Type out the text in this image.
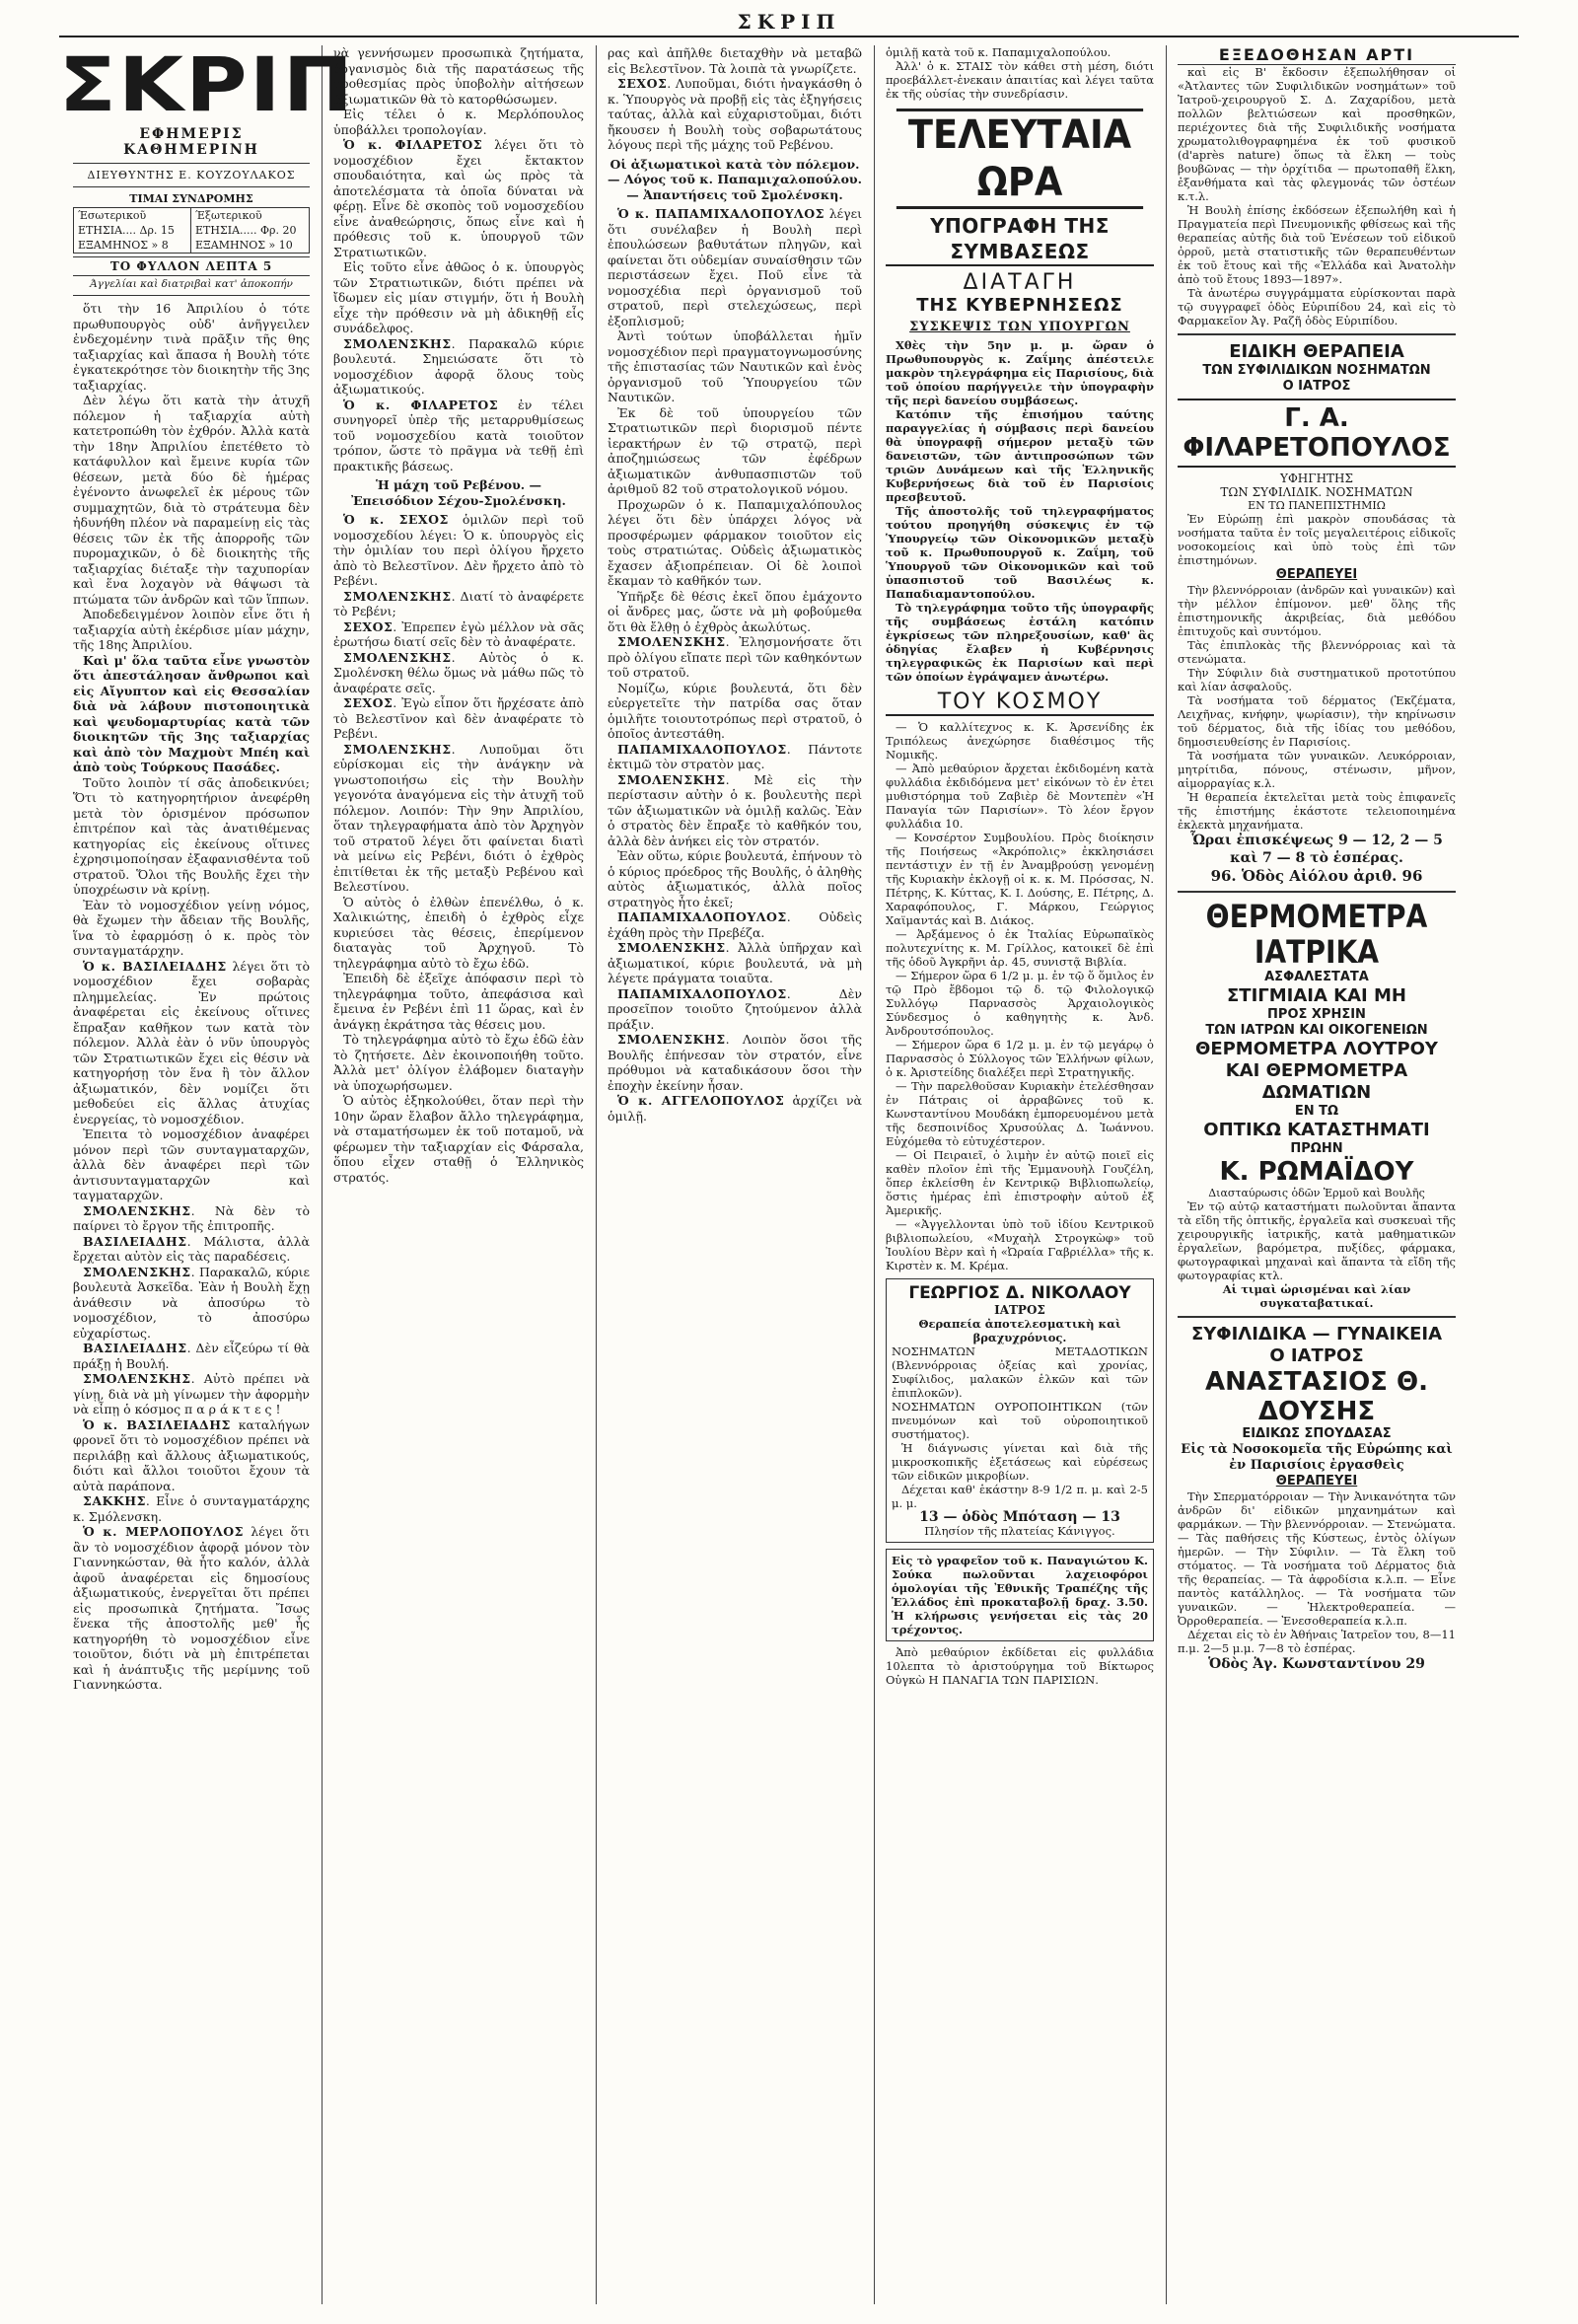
ΣΚΡΙΠ
ΣΚΡΙΠ
ΕΦΗΜΕΡΙΣ ΚΑΘΗΜΕΡΙΝΗ
ΔΙΕΥΘΥΝΤΗΣ Ε. ΚΟΥΖΟΥΛΑΚΟΣ
ΤΙΜΑΙ ΣΥΝΔΡΟΜΗΣ
Έσωτερικοῦ	Έξωτερικοῦ
ΕΤΗΣΙΑ.... Δρ. 15	ΕΤΗΣΙΑ..... Φρ. 20
ΕΞΑΜΗΝΟΣ » 8	ΕΞΑΜΗΝΟΣ » 10
ΤΟ ΦΥΛΛΟΝ ΛΕΠΤΑ 5
Άγγελίαι καὶ διατριβαὶ κατ' ἀποκοπήν

ὅτι τὴν 16 Ἀπριλίου ὁ τότε πρωθυπουργὸς οὐδ' ἀνῆγγειλεν ἐνδεχομένην τινὰ πρᾶξιν τῆς θης ταξιαρχίας καὶ ἅπασα ἡ Βουλὴ τότε ἐγκατεκρότησε τὸν διοικητὴν τῆς 3ης ταξιαρχίας.

Δὲν λέγω ὅτι κατὰ τὴν ἀτυχῆ πόλεμον ἡ ταξιαρχία αὐτὴ κατετροπώθη τὸν ἐχθρόν. Ἀλλὰ κατὰ τὴν 18ην Ἀπριλίου ἐπετέθετο τὸ κατάφυλλον καὶ ἔμεινε κυρία τῶν θέσεων, μετὰ δύο δὲ ἡμέρας ἐγένοντο ἀνωφελεῖ ἐκ μέρους τῶν συμμαχητῶν, διὰ τὸ στράτευμα δὲν ἠδυνήθη πλέον νὰ παραμείνῃ εἰς τὰς θέσεις τῶν ἐκ τῆς ἀπορροῆς τῶν πυρομαχικῶν, ὁ δὲ διοικητὴς τῆς ταξιαρχίας διέταξε τὴν ταχυπορίαν καὶ ἕνα λοχαγὸν νὰ θάψωσι τὰ πτώματα τῶν ἀνδρῶν καὶ τῶν ἵππων.

Ἀποδεδειγμένον λοιπὸν εἶνε ὅτι ἡ ταξιαρχία αὐτὴ ἐκέρδισε μίαν μάχην, τῆς 18ης Ἀπριλίου.

Καὶ μ' ὅλα ταῦτα εἶνε γνωστὸν ὅτι ἀπεστάλησαν ἄνθρωποι καὶ εἰς Αἴγυπτον καὶ εἰς Θεσσαλίαν διὰ νὰ λάβουν πιστοποιητικὰ καὶ ψευδομαρτυρίας κατὰ τῶν διοικητῶν τῆς 3ης ταξιαρχίας καὶ ἀπὸ τὸν Μαχμοὺτ Μπέη καὶ ἀπὸ τοὺς Τούρκους Πασάδες.

Τοῦτο λοιπὸν τί σᾶς ἀποδεικνύει; Ὅτι τὸ κατηγορητήριον ἀνεφέρθη μετὰ τὸν ὁρισμένον πρόσωπον ἐπιτρέπον καὶ τὰς ἀνατιθέμενας κατηγορίας εἰς ἐκείνους οἵτινες ἐχρησιμοποίησαν ἐξαφανισθέντα τοῦ στρατοῦ. Ὅλοι τῆς Βουλῆς ἔχει τὴν ὑποχρέωσιν νὰ κρίνῃ.

Ἐὰν τὸ νομοσχέδιον γείνῃ νόμος, θὰ ἔχωμεν τὴν ἄδειαν τῆς Βουλῆς, ἵνα τὸ ἐφαρμόσῃ ὁ κ. πρὸς τὸν συνταγματάρχην.

Ὁ κ. ΒΑΣΙΛΕΙΑΔΗΣ λέγει ὅτι τὸ νομοσχέδιον ἔχει σοβαρὰς πλημμελείας. Ἐν πρώτοις ἀναφέρεται εἰς ἐκείνους οἵτινες ἔπραξαν καθῆκον των κατὰ τὸν πόλεμον. Ἀλλὰ ἐὰν ὁ νῦν ὑπουργὸς τῶν Στρατιωτικῶν ἔχει εἰς θέσιν νὰ κατηγορήσῃ τὸν ἕνα ἢ τὸν ἄλλον ἀξιωματικόν, δὲν νομίζει ὅτι μεθοδεύει εἰς ἄλλας ἀτυχίας ἐνεργείας, τὸ νομοσχέδιον.

Ἐπειτα τὸ νομοσχέδιον ἀναφέρει μόνον περὶ τῶν συνταγματαρχῶν, ἀλλὰ δὲν ἀναφέρει περὶ τῶν ἀντισυνταγματαρχῶν καὶ ταγματαρχῶν.

ΣΜΟΛΕΝΣΚΗΣ. Νὰ δὲν τὸ παίρνει τὸ ἔργον τῆς ἐπιτροπῆς.

ΒΑΣΙΛΕΙΑΔΗΣ. Μάλιστα, ἀλλὰ ἔρχεται αὐτὸν εἰς τὰς παραδέσεις.

ΣΜΟΛΕΝΣΚΗΣ. Παρακαλῶ, κύριε βουλευτὰ Ἀσκεῖδα. Ἐὰν ἡ Βουλὴ ἔχῃ ἀνάθεσιν νὰ ἀποσύρω τὸ νομοσχέδιον, τὸ ἀποσύρω εὐχαρίστως.

ΒΑΣΙΛΕΙΑΔΗΣ. Δὲν εἶζεύρω τί θὰ πράξῃ ἡ Βουλή.

ΣΜΟΛΕΝΣΚΗΣ. Αὐτὸ πρέπει νὰ γίνῃ, διὰ νὰ μὴ γίνωμεν τὴν ἀφορμὴν νὰ εἶπῃ ὁ κόσμος π α ρ ά κ τ ε ς !

Ὁ κ. ΒΑΣΙΛΕΙΑΔΗΣ καταλήγων φρονεῖ ὅτι τὸ νομοσχέδιον πρέπει νὰ περιλάβῃ καὶ ἄλλους ἀξιωματικούς, διότι καὶ ἄλλοι τοιοῦτοι ἔχουν τὰ αὐτὰ παράπονα.

ΣΑΚΚΗΣ. Εἶνε ὁ συνταγματάρχης κ. Σμόλενσκη.

Ὁ κ. ΜΕΡΛΟΠΟΥΛΟΣ λέγει ὅτι ἂν τὸ νομοσχέδιον ἀφορᾷ μόνον τὸν Γιαννηκώσταν, θὰ ἦτο καλόν, ἀλλὰ ἀφοῦ ἀναφέρεται εἰς δημοσίους ἀξιωματικούς, ἐνεργεῖται ὅτι πρέπει εἰς προσωπικὰ ζητήματα. Ἴσως ἕνεκα τῆς ἀποστολῆς μεθ' ἧς κατηγορήθη τὸ νομοσχέδιον εἶνε τοιοῦτον, διότι νὰ μὴ ἐπιτρέπεται καὶ ἡ ἀνάπτυξις τῆς μερίμνης τοῦ Γιαννηκώστα.

νὰ γεννήσωμεν προσωπικὰ ζητήματα, ὀργανισμὸς διὰ τῆς παρατάσεως τῆς προθεσμίας πρὸς ὑποβολὴν αἰτήσεων ἀξιωματικῶν θὰ τὸ κατορθώσωμεν.

Εἰς τέλει ὁ κ. Μερλόπουλος ὑποβάλλει τροπολογίαν.

Ὁ κ. ΦΙΛΑΡΕΤΟΣ λέγει ὅτι τὸ νομοσχέδιον ἔχει ἔκτακτον σπουδαιότητα, καὶ ὡς πρὸς τὰ ἀποτελέσματα τὰ ὁποῖα δύναται νὰ φέρῃ. Εἶνε δὲ σκοπὸς τοῦ νομοσχεδίου εἶνε ἀναθεώρησις, ὅπως εἶνε καὶ ἡ πρόθεσις τοῦ κ. ὑπουργοῦ τῶν Στρατιωτικῶν.

Εἰς τοῦτο εἶνε ἀθῶος ὁ κ. ὑπουργὸς τῶν Στρατιωτικῶν, διότι πρέπει νὰ ἴδωμεν εἰς μίαν στιγμήν, ὅτι ἡ Βουλὴ εἶχε τὴν πρόθεσιν νὰ μὴ ἀδικηθῇ εἷς συνάδελφος.

ΣΜΟΛΕΝΣΚΗΣ. Παρακαλῶ κύριε βουλευτά. Σημειώσατε ὅτι τὸ νομοσχέδιον ἀφορᾷ ὅλους τοὺς ἀξιωματικούς.

Ὁ κ. ΦΙΛΑΡΕΤΟΣ ἐν τέλει συνηγορεῖ ὑπὲρ τῆς μεταρρυθμίσεως τοῦ νομοσχεδίου κατὰ τοιοῦτον τρόπον, ὥστε τὸ πρᾶγμα νὰ τεθῇ ἐπὶ πρακτικῆς βάσεως.

Ἡ μάχη τοῦ Ρεβένου. — Ἐπεισόδιον Σέχου-Σμολένσκη.

Ὁ κ. ΣΕΧΟΣ ὁμιλῶν περὶ τοῦ νομοσχεδίου λέγει: Ὁ κ. ὑπουργὸς εἰς τὴν ὁμιλίαν του περὶ ὀλίγου ἤρχετο ἀπὸ τὸ Βελεστῖνον. Δὲν ἤρχετο ἀπὸ τὸ Ρεβένι.

ΣΜΟΛΕΝΣΚΗΣ. Διατί τὸ ἀναφέρετε τὸ Ρεβένι;

ΣΕΧΟΣ. Ἐπρεπεν ἐγὼ μέλλον νὰ σᾶς ἐρωτήσω διατί σεῖς δὲν τὸ ἀναφέρατε.

ΣΜΟΛΕΝΣΚΗΣ. Αὐτὸς ὁ κ. Σμολένσκη θέλω ὅμως νὰ μάθω πῶς τὸ ἀναφέρατε σεῖς.

ΣΕΧΟΣ. Ἐγὼ εἶπον ὅτι ἤρχέσατε ἀπὸ τὸ Βελεστῖνον καὶ δὲν ἀναφέρατε τὸ Ρεβένι.

ΣΜΟΛΕΝΣΚΗΣ. Λυποῦμαι ὅτι εὑρίσκομαι εἰς τὴν ἀνάγκην νὰ γνωστοποιήσω εἰς τὴν Βουλὴν γεγονότα ἀναγόμενα εἰς τὴν ἀτυχῆ τοῦ πόλεμον. Λοιπόν: Τὴν 9ην Ἀπριλίου, ὅταν τηλεγραφήματα ἀπὸ τὸν Ἀρχηγὸν τοῦ στρατοῦ λέγει ὅτι φαίνεται διατὶ νὰ μείνω εἰς Ρεβένι, διότι ὁ ἐχθρὸς ἐπιτίθεται ἐκ τῆς μεταξὺ Ρεβένου καὶ Βελεστίνου.

Ὁ αὐτὸς ὁ ἐλθὼν ἐπενέλθω, ὁ κ. Χαλικιώτης, ἐπειδὴ ὁ ἐχθρὸς εἶχε κυριεύσει τὰς θέσεις, ἐπερίμενον διαταγὰς τοῦ Ἀρχηγοῦ. Τὸ τηλεγράφημα αὐτὸ τὸ ἔχω ἐδῶ.

Ἐπειδὴ δὲ ἐξεῖχε ἀπόφασιν περὶ τὸ τηλεγράφημα τοῦτο, ἀπεφάσισα καὶ ἔμεινα ἐν Ρεβένι ἐπὶ 11 ὥρας, καὶ ἐν ἀνάγκῃ ἐκράτησα τὰς θέσεις μου.

Τὸ τηλεγράφημα αὐτὸ τὸ ἔχω ἐδῶ ἐὰν τὸ ζητήσετε. Δὲν ἐκοινοποιήθη τοῦτο. Ἀλλὰ μετ' ὀλίγον ἐλάβομεν διαταγὴν νὰ ὑποχωρήσωμεν.

Ὁ αὐτὸς ἐξηκολούθει, ὅταν περὶ τὴν 10ην ὥραν ἔλαβον ἄλλο τηλεγράφημα, νὰ σταματήσωμεν ἐκ τοῦ ποταμοῦ, νὰ φέρωμεν τὴν ταξιαρχίαν εἰς Φάρσαλα, ὅπου εἶχεν σταθῇ ὁ Ἑλληνικὸς στρατός.

ρας καὶ ἀπῆλθε διεταχθὴν νὰ μεταβῶ εἰς Βελεστῖνον. Τὰ λοιπὰ τὰ γνωρίζετε.

ΣΕΧΟΣ. Λυποῦμαι, διότι ἠναγκάσθη ὁ κ. Ὑπουργὸς νὰ προβῇ εἰς τὰς ἐξηγήσεις ταύτας, ἀλλὰ καὶ εὐχαριστοῦμαι, διότι ἤκουσεν ἡ Βουλὴ τοὺς σοβαρωτάτους λόγους περὶ τῆς μάχης τοῦ Ρεβένου.

Οἱ ἀξιωματικοὶ κατὰ τὸν πόλεμον. — Λόγος τοῦ κ. Παπαμιχαλοπούλου. — Ἀπαντήσεις τοῦ Σμολένσκη.

Ὁ κ. ΠΑΠΑΜΙΧΑΛΟΠΟΥΛΟΣ λέγει ὅτι συνέλαβεν ἡ Βουλὴ περὶ ἐπουλώσεων βαθυτάτων πληγῶν, καὶ φαίνεται ὅτι οὐδεμίαν συναίσθησιν τῶν περιστάσεων ἔχει. Ποῦ εἶνε τὰ νομοσχέδια περὶ ὀργανισμοῦ τοῦ στρατοῦ, περὶ στελεχώσεως, περὶ ἐξοπλισμοῦ;

Ἀντὶ τούτων ὑποβάλλεται ἡμῖν νομοσχέδιον περὶ πραγματογνωμοσύνης τῆς ἐπιστασίας τῶν Ναυτικῶν καὶ ἐνὸς ὀργανισμοῦ τοῦ Ὑπουργείου τῶν Ναυτικῶν.

Ἐκ δὲ τοῦ ὑπουργείου τῶν Στρατιωτικῶν περὶ διορισμοῦ πέντε ἰερακτήρων ἐν τῷ στρατῷ, περὶ ἀποζημιώσεως τῶν ἐφέδρων ἀξιωματικῶν ἀνθυπασπιστῶν τοῦ ἀριθμοῦ 82 τοῦ στρατολογικοῦ νόμου.

Προχωρῶν ὁ κ. Παπαμιχαλόπουλος λέγει ὅτι δὲν ὑπάρχει λόγος νὰ προσφέρωμεν φάρμακον τοιοῦτον εἰς τοὺς στρατιώτας. Οὐδεὶς ἀξιωματικὸς ἔχασεν ἀξιοπρέπειαν. Οἱ δὲ λοιποὶ ἔκαμαν τὸ καθῆκόν των.

Ὑπῆρξε δὲ θέσις ἐκεῖ ὅπου ἐμάχοντο οἱ ἄνδρες μας, ὥστε νὰ μὴ φοβούμεθα ὅτι θὰ ἔλθῃ ὁ ἐχθρὸς ἀκωλύτως.

ΣΜΟΛΕΝΣΚΗΣ. Ἐλησμονήσατε ὅτι πρὸ ὀλίγου εἴπατε περὶ τῶν καθηκόντων τοῦ στρατοῦ.

Νομίζω, κύριε βουλευτά, ὅτι δὲν εὐεργετεῖτε τὴν πατρίδα σας ὅταν ὁμιλῆτε τοιουτοτρόπως περὶ στρατοῦ, ὁ ὁποῖος ἀντεστάθη.

ΠΑΠΑΜΙΧΑΛΟΠΟΥΛΟΣ. Πάντοτε ἐκτιμῶ τὸν στρατὸν μας.

ΣΜΟΛΕΝΣΚΗΣ. Μὲ εἰς τὴν περίστασιν αὐτὴν ὁ κ. βουλευτὴς περὶ τῶν ἀξιωματικῶν νὰ ὁμιλῇ καλῶς. Ἐὰν ὁ στρατὸς δὲν ἔπραξε τὸ καθῆκόν του, ἀλλὰ δὲν ἀνήκει εἰς τὸν στρατόν.

Ἐὰν οὕτω, κύριε βουλευτά, ἐπήνουν τὸ ὁ κύριος πρόεδρος τῆς Βουλῆς, ὁ ἀληθὴς αὐτὸς ἀξιωματικός, ἀλλὰ ποῖος στρατηγὸς ἦτο ἐκεῖ;

ΠΑΠΑΜΙΧΑΛΟΠΟΥΛΟΣ. Οὐδεὶς ἐχάθη πρὸς τὴν Πρεβέζα.

ΣΜΟΛΕΝΣΚΗΣ. Ἀλλὰ ὑπῆρχαν καὶ ἀξιωματικοί, κύριε βουλευτά, νὰ μὴ λέγετε πράγματα τοιαῦτα.

ΠΑΠΑΜΙΧΑΛΟΠΟΥΛΟΣ. Δὲν προσεῖπον τοιοῦτο ζητούμενον ἀλλὰ πράξιν.

ΣΜΟΛΕΝΣΚΗΣ. Λοιπὸν ὅσοι τῆς Βουλῆς ἐπήνεσαν τὸν στρατόν, εἶνε πρόθυμοι νὰ καταδικάσουν ὅσοι τὴν ἐποχὴν ἐκείνην ἦσαν.

Ὁ κ. ΑΓΓΕΛΟΠΟΥΛΟΣ ἀρχίζει νὰ ὁμιλῇ.

ὁμιλῇ κατὰ τοῦ κ. Παπαμιχαλοπούλου.

Ἀλλ' ὁ κ. ΣΤΑΙΣ τὸν κάθει στὴ μέση, διότι προεβάλλετ-ἐνεκαιν ἀπαιτίας καὶ λέγει ταῦτα ἐκ τῆς οὐσίας τὴν συνεδρίασιν.

ΤΕΛΕΥΤΑΙΑ ΩΡΑ
ΥΠΟΓΡΑΦΗ ΤΗΣ ΣΥΜΒΑΣΕΩΣ
ΔΙΑΤΑΓΗ
ΤΗΣ ΚΥΒΕΡΝΗΣΕΩΣ
ΣΥΣΚΕΨΙΣ ΤΩΝ ΥΠΟΥΡΓΩΝ

Χθὲς τὴν 5ην μ. μ. ὥραν ὁ Πρωθυπουργὸς κ. Ζαΐμης ἀπέστειλε μακρὸν τηλεγράφημα εἰς Παρισίους, διὰ τοῦ ὁποίου παρήγγειλε τὴν ὑπογραφὴν τῆς περὶ δανείου συμβάσεως.

Κατόπιν τῆς ἐπισήμου ταύτης παραγγελίας ἡ σύμβασις περὶ δανείου θὰ ὑπογραφῇ σήμερον μεταξὺ τῶν δανειστῶν, τῶν ἀντιπροσώπων τῶν τριῶν Δυνάμεων καὶ τῆς Ἑλληνικῆς Κυβερνήσεως διὰ τοῦ ἐν Παρισίοις πρεσβευτοῦ.

Τῆς ἀποστολῆς τοῦ τηλεγραφήματος τούτου προηγήθη σύσκεψις ἐν τῷ Ὑπουργείῳ τῶν Οἰκονομικῶν μεταξὺ τοῦ κ. Πρωθυπουργοῦ κ. Ζαΐμη, τοῦ Ὑπουργοῦ τῶν Οἰκονομικῶν καὶ τοῦ ὑπασπιστοῦ τοῦ Βασιλέως κ. Παπαδιαμαντοπούλου.

Τὸ τηλεγράφημα τοῦτο τῆς ὑπογραφῆς τῆς συμβάσεως ἐστάλη κατόπιν ἐγκρίσεως τῶν πληρεξουσίων, καθ' ἃς ὁδηγίας ἔλαβεν ἡ Κυβέρνησις τηλεγραφικῶς ἐκ Παρισίων καὶ περὶ τῶν ὁποίων ἐγράψαμεν ἀνωτέρω.

ΤΟΥ ΚΟΣΜΟΥ

— Ὁ καλλίτεχνος κ. Κ. Ἀρσενίδης ἐκ Τριπόλεως ἀνεχώρησε διαθέσιμος τῆς Νομικῆς.

— Ἀπὸ μεθαύριον ἄρχεται ἐκδιδομένη κατὰ φυλλάδια ἐκδιδόμενα μετ' εἰκόνων τὸ ἐν ἐτει μυθιστόρημα τοῦ Ζαβιὲρ δὲ Μοντεπὲν «Ἡ Παναγία τῶν Παρισίων». Τὸ λέον ἔργον φυλλάδια 10.

— Κονσέρτον Συμβουλίου. Πρὸς διοίκησιν τῆς Ποιήσεως «Ἀκρόπολις» ἐκκλησιάσει πεντάστιχν ἐν τῇ ἐν Ἀναμβρούσῃ γενομένῃ τῆς Κυριακὴν ἐκλογῇ οἱ κ. κ. Μ. Πρόσσας, Ν. Πέτρης, Κ. Κύττας, Κ. Ι. Δούσης, Ε. Πέτρης, Δ. Χαραφόπουλος, Γ. Μάρκου, Γεώργιος Χαϊμαντάς καὶ Β. Διάκος.

— Ἀρξάμενος ὁ ἐκ Ἰταλίας Εὐρωπαϊκὸς πολυτεχνίτης κ. Μ. Γρίλλος, κατοικεῖ δὲ ἐπὶ τῆς ὁδοῦ Ἀγκρῆνι ἀρ. 45, συνιστᾷ Βιβλία.

— Σήμερον ὥρα 6 1/2 μ. μ. ἐν τῷ ὅ ὅμιλος ἐν τῷ Πρὸ ἔβδομοι τῷ δ. τῷ Φιλολογικῷ Συλλόγῳ Παρνασσὸς Ἀρχαιολογικὸς Σύνδεσμος ὁ καθηγητὴς κ. Ἀνδ. Ἀνδρουτσόπουλος.

— Σήμερον ὥρα 6 1/2 μ. μ. ἐν τῷ μεγάρῳ ὁ Παρνασσὸς ὁ Σύλλογος τῶν Ἑλλήνων φίλων, ὁ κ. Ἀριστείδης διαλέξει περὶ Στρατηγικῆς.

— Τὴν παρελθοῦσαν Κυριακὴν ἐτελέσθησαν ἐν Πάτραις οἱ ἀρραβῶνες τοῦ κ. Κωνσταντίνου Μουδάκη ἐμπορευομένου μετὰ τῆς δεσποινίδος Χρυσούλας Δ. Ἰωάννου. Εὐχόμεθα τὸ εὐτυχέστερον.

— Οἱ Πειραιεῖ, ὁ λιμὴν ἐν αὐτῷ ποιεῖ εἰς καθὲν πλοῖον ἐπὶ τῆς Ἐμμανουὴλ Γουζέλη, ὅπερ ἐκλείσθη ἐν Κεντρικῷ Βιβλιοπωλείῳ, ὅστις ἡμέρας ἐπὶ ἐπιστροφὴν αὐτοῦ ἐξ Ἀμερικῆς.

— «Ἀγγελλονται ὑπὸ τοῦ ἰδίου Κεντρικοῦ βιβλιοπωλείου, «Μυχαὴλ Στρογκὼφ» τοῦ Ἰουλίου Βὲρν καὶ ἡ «Ὠραία Γαβριέλλα» τῆς κ. Κιρστὲν κ. Μ. Κρέμα.

ΓΕΩΡΓΙΟΣ Δ. ΝΙΚΟΛΑΟΥ
ΙΑΤΡΟΣ

Θεραπεία ἀποτελεσματικὴ καὶ βραχυχρόνιος.

ΝΟΣΗΜΑΤΩΝ ΜΕΤΑΔΟΤΙΚΩΝ (Βλεννόρροιας ὀξείας καὶ χρονίας, Συφίλιδος, μαλακῶν ἑλκῶν καὶ τῶν ἐπιπλοκῶν).

ΝΟΣΗΜΑΤΩΝ ΟΥΡΟΠΟΙΗΤΙΚΩΝ (τῶν πνευμόνων καὶ τοῦ οὐροποιητικοῦ συστήματος).

Ἡ διάγνωσις γίνεται καὶ διὰ τῆς μικροσκοπικῆς ἐξετάσεως καὶ εὐρέσεως τῶν εἰδικῶν μικροβίων.

Δέχεται καθ' ἑκάστην 8-9 1/2 π. μ. καὶ 2-5 μ. μ.

13 — ὁδὸς Μπόταση — 13

Πλησίον τῆς πλατείας Κάνιγγος.

Εἰς τὸ γραφεῖον τοῦ κ. Παναγιώτου Κ. Σούκα πωλοῦνται λαχειοφόροι ὁμολογίαι τῆς Ἐθνικῆς Τραπέζης τῆς Ἑλλάδος ἐπὶ προκαταβολῇ δραχ. 3.50. Ἡ κλήρωσις γενήσεται εἰς τὰς 20 τρέχοντος.

Ἀπὸ μεθαύριον ἐκδίδεται εἰς φυλλάδια 10λεπτα τὸ ἀριστούργημα τοῦ Βίκτωρος Οὐγκὼ Η ΠΑΝΑΓΙΑ ΤΩΝ ΠΑΡΙΣΙΩΝ.

ΕΞΕΔΟΘΗΣΑΝ ΑΡΤΙ

καὶ εἰς Β' ἔκδοσιν ἐξεπωλήθησαν οἱ «Ἀτλαντες τῶν Συφιλιδικῶν νοσημάτων» τοῦ Ἰατροῦ-χειρουργοῦ Σ. Δ. Ζαχαρίδου, μετὰ πολλῶν βελτιώσεων καὶ προσθηκῶν, περιέχοντες διὰ τῆς Συφιλιδικῆς νοσήματα χρωματολιθογραφημένα ἐκ τοῦ φυσικοῦ (d'après nature) ὅπως τὰ ἕλκη — τοὺς βουβῶνας — τὴν ὀρχίτιδα — πρωτοπαθῆ ἕλκη, ἐξανθήματα καὶ τὰς φλεγμονάς τῶν ὀστέων κ.τ.λ.

Ἡ Βουλὴ ἐπίσης ἐκδόσεων ἐξεπωλήθη καὶ ἡ Πραγματεία περὶ Πνευμονικῆς φθίσεως καὶ τῆς θεραπείας αὐτῆς διὰ τοῦ Ἐνέσεων τοῦ εἰδικοῦ ὀρροῦ, μετὰ στατιστικῆς τῶν θεραπευθέντων ἐκ τοῦ ἔτους καὶ τῆς «Ἐλλάδα καὶ Ἀνατολὴν ἀπὸ τοῦ ἔτους 1893—1897».

Τὰ ἀνωτέρω συγγράμματα εὑρίσκονται παρὰ τῷ συγγραφεῖ ὁδὸς Εὐριπίδου 24, καὶ εἰς τὸ Φαρμακεῖον Ἀγ. Ραζῆ ὁδὸς Εὐριπίδου.

ΕΙΔΙΚΗ ΘΕΡΑΠΕΙΑ
ΤΩΝ ΣΥΦΙΛΙΔΙΚΩΝ ΝΟΣΗΜΑΤΩΝ
Ο ΙΑΤΡΟΣ
Γ. Α. ΦΙΛΑΡΕΤΟΠΟΥΛΟΣ
ΥΦΗΓΗΤΗΣ
ΤΩΝ ΣΥΦΙΛΙΔΙΚ. ΝΟΣΗΜΑΤΩΝ
ΕΝ ΤΩ ΠΑΝΕΠΙΣΤΗΜΙΩ

Ἐν Εὐρώπῃ ἐπὶ μακρὸν σπουδάσας τὰ νοσήματα ταῦτα ἐν τοῖς μεγαλειτέροις εἰδικοῖς νοσοκομείοις καὶ ὑπὸ τοὺς ἐπὶ τῶν ἐπιστημόνων.

ΘΕΡΑΠΕΥΕΙ

Τὴν βλεννόρροιαν (ἀνδρῶν καὶ γυναικῶν) καὶ τὴν μέλλον ἐπίμονον. μεθ' ὅλης τῆς ἐπιστημονικῆς ἀκριβείας, διὰ μεθόδου ἐπιτυχοῦς καὶ συντόμου.

Τὰς ἐπιπλοκὰς τῆς βλεννόρροιας καὶ τὰ στενώματα.

Τὴν Σύφιλιν διὰ συστηματικοῦ προτοτύπου καὶ λίαν ἀσφαλοῦς.

Τὰ νοσήματα τοῦ δέρματος (Ἐκζέματα, Λειχῆνας, κνήφην, ψωρίασιν), τὴν κηρίνωσιν τοῦ δέρματος, διὰ τῆς ἰδίας του μεθόδου, δημοσιευθείσης ἐν Παρισίοις.

Τὰ νοσήματα τῶν γυναικῶν. Λευκόρροιαν, μητρίτιδα, πόνους, στένωσιν, μῆνον, αἱμορραγίας κ.λ.

Ἡ θεραπεία ἐκτελεῖται μετὰ τοὺς ἐπιφανεῖς τῆς ἐπιστήμης ἑκάστοτε τελειοποιημένα ἐκλεκτὰ μηχανήματα.

Ὧραι ἐπισκέψεως 9 — 12, 2 — 5 καὶ 7 — 8 τὸ ἑσπέρας.
96. Ὁδὸς Αἰόλου ἀριθ. 96
ΘΕΡΜΟΜΕΤΡΑ ΙΑΤΡΙΚΑ
ΑΣΦΑΛΕΣΤΑΤΑ
ΣΤΙΓΜΙΑΙΑ ΚΑΙ ΜΗ
ΠΡΟΣ ΧΡΗΣΙΝ
ΤΩΝ ΙΑΤΡΩΝ ΚΑΙ ΟΙΚΟΓΕΝΕΙΩΝ
ΘΕΡΜΟΜΕΤΡΑ ΛΟΥΤΡΟΥ
ΚΑΙ ΘΕΡΜΟΜΕΤΡΑ ΔΩΜΑΤΙΩΝ
ΕΝ ΤΩ
ΟΠΤΙΚΩ ΚΑΤΑΣΤΗΜΑΤΙ
ΠΡΩΗΝ
Κ. ΡΩΜΑΪΔΟΥ
Διασταύρωσις ὁδῶν Ἑρμοῦ καὶ Βουλῆς

Ἐν τῷ αὐτῷ καταστήματι πωλοῦνται ἅπαντα τὰ εἴδη τῆς ὀπτικῆς, ἐργαλεῖα καὶ συσκευαὶ τῆς χειρουργικῆς ἰατρικῆς, κατὰ μαθηματικῶν ἐργαλεῖων, βαρόμετρα, πυξίδες, φάρμακα, φωτογραφικαὶ μηχαναὶ καὶ ἅπαντα τὰ εἴδη τῆς φωτογραφίας κτλ.

Αἱ τιμαὶ ὡρισμέναι καὶ λίαν συγκαταβατικαί.

ΣΥΦΙΛΙΔΙΚΑ — ΓΥΝΑΙΚΕΙΑ
Ο ΙΑΤΡΟΣ
ΑΝΑΣΤΑΣΙΟΣ Θ. ΔΟΥΣΗΣ
ΕΙΔΙΚΩΣ ΣΠΟΥΔΑΣΑΣ

Εἰς τὰ Νοσοκομεῖα τῆς Εὐρώπης καὶ ἐν Παρισίοις ἐργασθεὶς

ΘΕΡΑΠΕΥΕΙ

Τὴν Σπερματόρροιαν — Τὴν Ἀνικανότητα τῶν ἀνδρῶν δι' εἰδικῶν μηχανημάτων καὶ φαρμάκων. — Τὴν βλεννόρροιαν. — Στενώματα. — Τὰς παθήσεις τῆς Κύστεως, ἐντὸς ὀλίγων ἡμερῶν. — Τὴν Σύφιλιν. — Τὰ ἕλκη τοῦ στόματος. — Τὰ νοσήματα τοῦ Δέρματος διὰ τῆς θεραπείας. — Τὰ ἀφροδίσια κ.λ.π. — Εἶνε παντὸς κατάλληλος. — Τὰ νοσήματα τῶν γυναικῶν. — Ἡλεκτροθεραπεία. — Ὀρροθεραπεία. — Ἐνεσοθεραπεία κ.λ.π.

Δέχεται εἰς τὸ ἐν Ἀθήναις Ἰατρεῖον του, 8—11 π.μ. 2—5 μ.μ. 7—8 τὸ ἑσπέρας.

Ὁδὸς Ἁγ. Κωνσταντίνου 29
